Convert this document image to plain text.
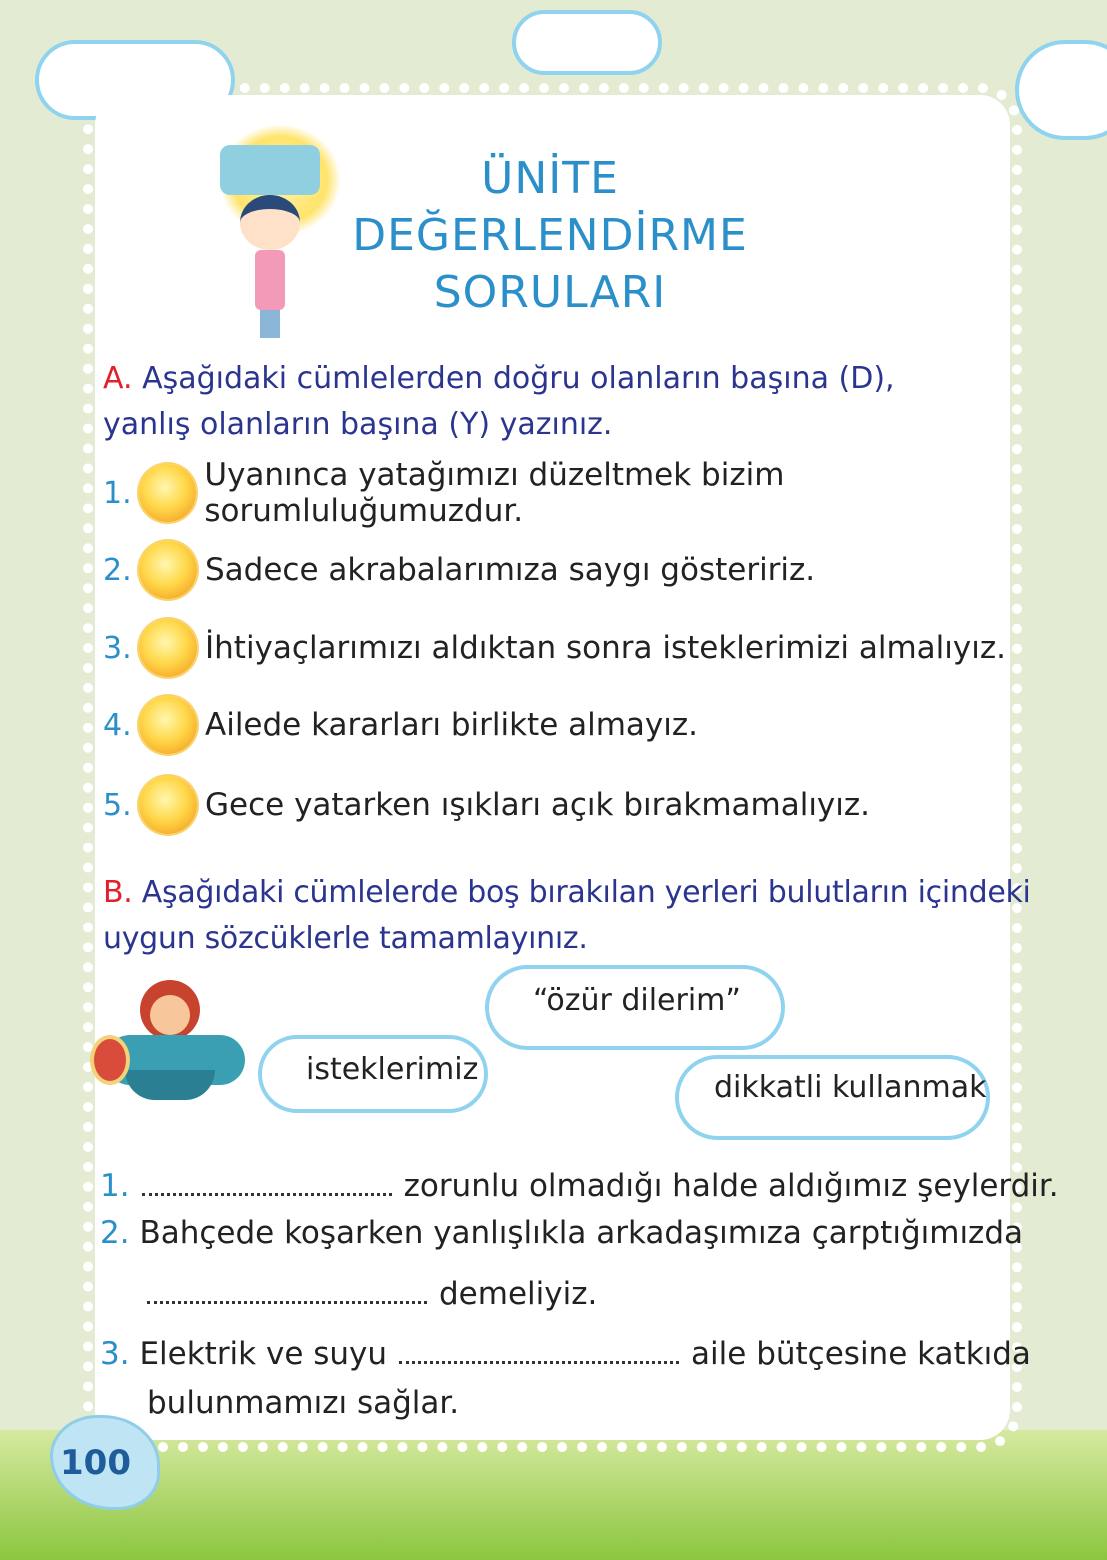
ÜNİTE
DEĞERLENDİRME
SORULARI
A. Aşağıdaki cümlelerden doğru olanların başına (D),
yanlış olanların başına (Y) yazınız.
1. Uyanınca yatağımızı düzeltmek bizim sorumluluğumuzdur.
2. Sadece akrabalarımıza saygı gösteririz.
3. İhtiyaçlarımızı aldıktan sonra isteklerimizi almalıyız.
4. Ailede kararları birlikte almayız.
5. Gece yatarken ışıkları açık bırakmamalıyız.
B. Aşağıdaki cümlelerde boş bırakılan yerleri bulutların içindeki
uygun sözcüklerle tamamlayınız.
“özür dilerim”
isteklerimiz
dikkatli kullanmak
1.	zorunlu olmadığı halde aldığımız şeylerdir.
2. Bahçede koşarken yanlışlıkla arkadaşımıza çarptığımızda
demeliyiz.
3. Elektrik ve suyu	aile bütçesine katkıda
bulunmamızı sağlar.
100
